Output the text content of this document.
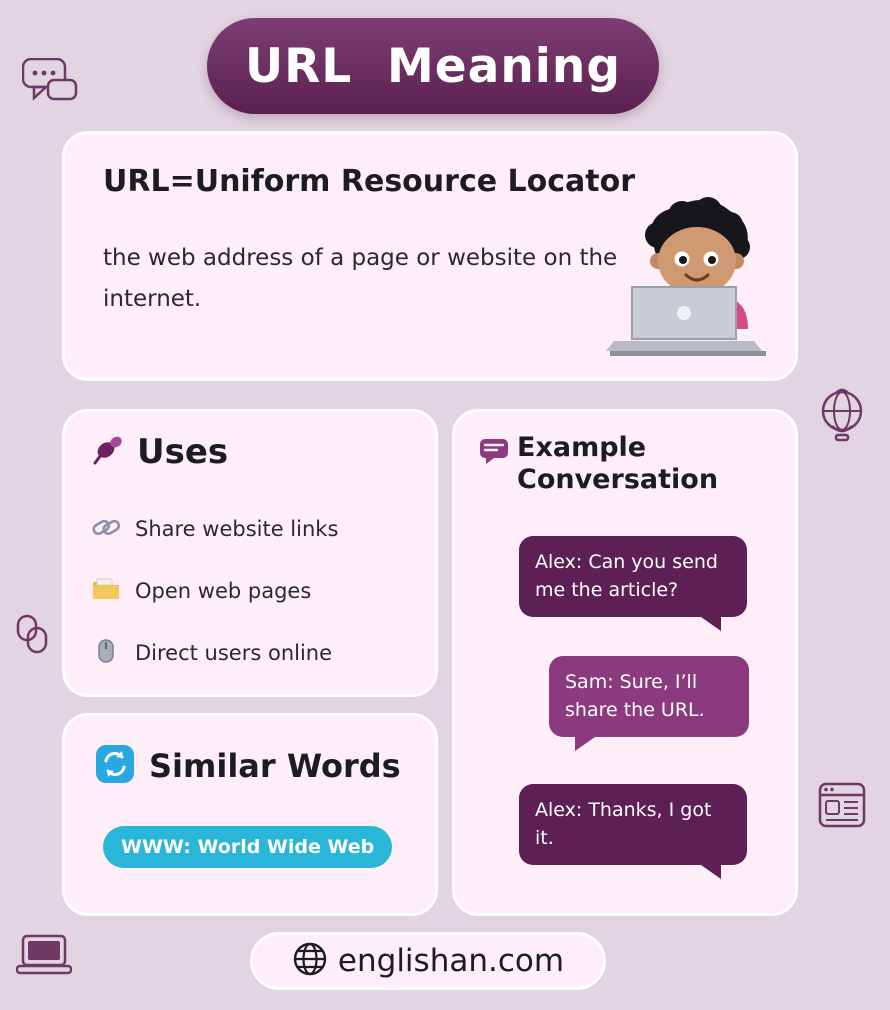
URL  Meaning
URL=Uniform Resource Locator
the web address of a page or website on the internet.
Uses
Share website links
Open web pages
Direct users online
Similar Words
WWW: World Wide Web
Example Conversation
Alex: Can you send me the article?
Sam: Sure, I’ll share the URL.
Alex: Thanks, I got it.
englishan.com
